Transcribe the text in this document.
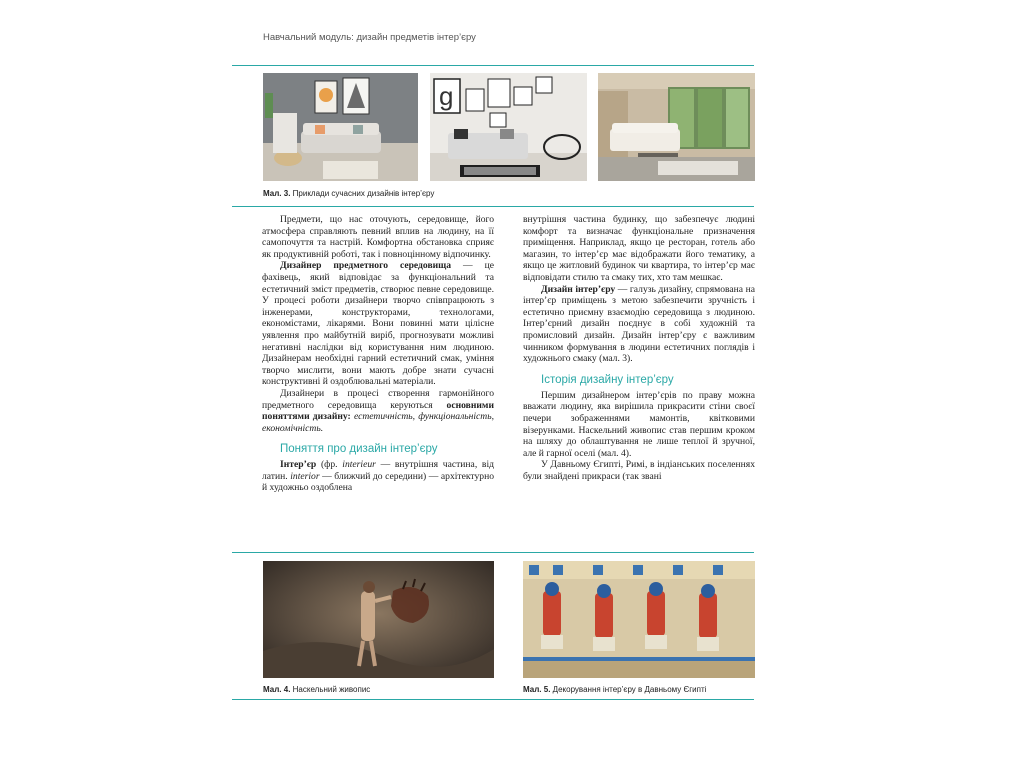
Навчальний модуль: дизайн предметів інтер’єру
g
Мал. 3. Приклади сучасних дизайнів інтер’єру

Предмети, що нас оточують, середовище, його атмосфера справляють певний вплив на людину, на її самопочуття та настрій. Комфортна обстановка сприяє як продуктивній роботі, так і повноцінному відпочинку.

Дизайнер предметного середовища — це фахівець, який відповідає за функціональний та естетичний зміст предметів, створює певне середовище. У процесі роботи дизайнери творчо співпрацюють з інженерами, конструкторами, технологами, економістами, лікарями. Вони повинні мати цілісне уявлення про майбутній виріб, прогнозувати можливі негативні наслідки від користування ним людиною. Дизайнерам необхідні гарний естетичний смак, уміння творчо мислити, вони мають добре знати сучасні конструктивні й оздоблювальні матеріали.

Дизайнери в процесі створення гармонійного предметного середовища керуються основними поняттями дизайну: естетичність, функціональність, економічність.

Поняття про дизайн інтер’єру

Інтер’єр (фр. interieur — внутрішня частина, від латин. interior — ближчий до середини) — архітектурно й художньо оздоблена

внутрішня частина будинку, що забезпечує людині комфорт та визначає функціональне призначення приміщення. Наприклад, якщо це ресторан, готель або магазин, то інтер’єр має відображати його тематику, а якщо це житловий будинок чи квартира, то інтер’єр має відповідати стилю та смаку тих, хто там мешкає.

Дизайн інтер’єру — галузь дизайну, спрямована на інтер’єр приміщень з метою забезпечити зручність і естетично приємну взаємодію середовища з людиною. Інтер’єрний дизайн поєднує в собі художній та промисловий дизайн. Дизайн інтер’єру є важливим чинником формування в людини естетичних поглядів і художнього смаку (мал. 3).

Історія дизайну інтер’єру

Першим дизайнером інтер’єрів по праву можна вважати людину, яка вирішила прикрасити стіни своєї печери зображеннями мамонтів, квітковими візерунками. Наскельний живопис став першим кроком на шляху до облаштування не лише теплої й зручної, але й гарної оселі (мал. 4).

У Давньому Єгипті, Римі, в індіанських поселеннях були знайдені прикраси (так звані

Мал. 4. Наскельний живопис	Мал. 5. Декорування інтер’єру в Давньому Єгипті
